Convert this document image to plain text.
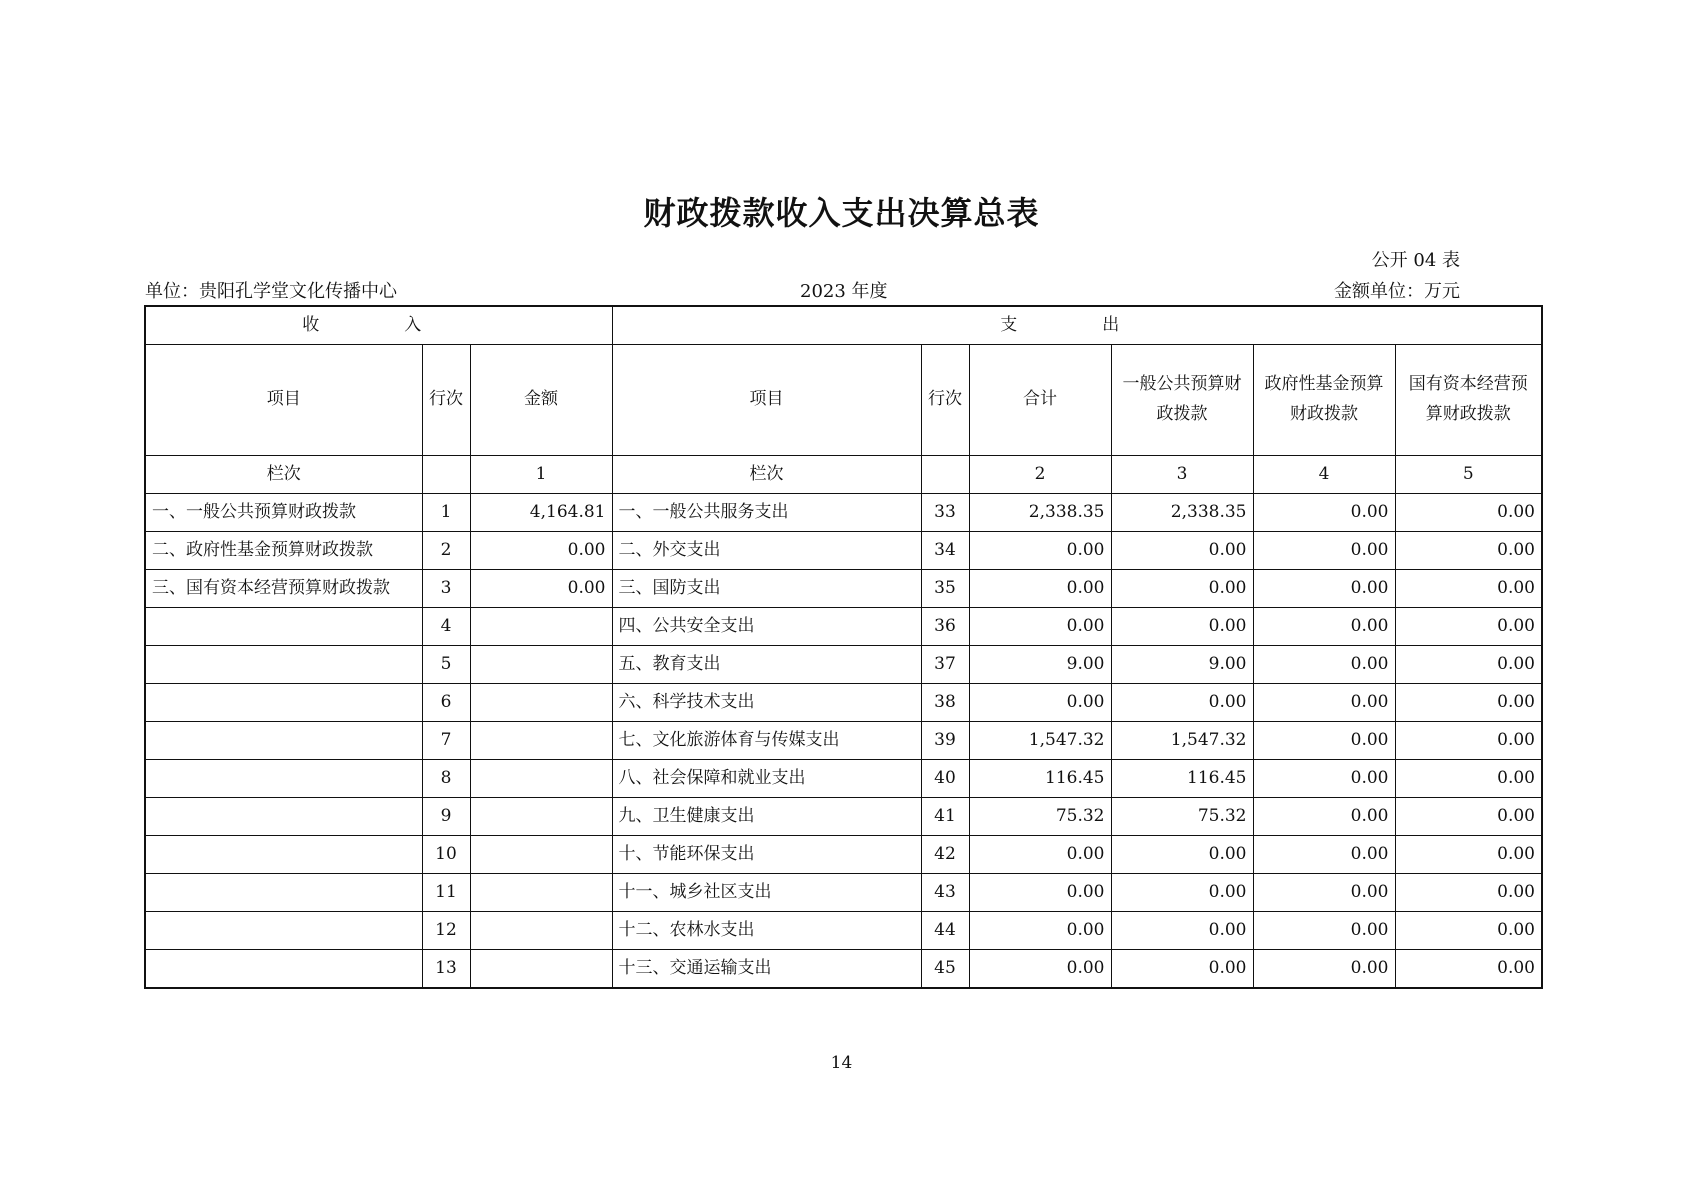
财政拨款收入支出决算总表
公开 04 表
单位：贵阳孔学堂文化传播中心	2023 年度	金额单位：万元
收　入			支　出					
项目	行次	金额	项目	行次	合计	一般公共预算财政拨款	政府性基金预算财政拨款	国有资本经营预算财政拨款
栏次		1	栏次		2	3	4	5
一、一般公共预算财政拨款	1	4,164.81	一、一般公共服务支出	33	2,338.35	2,338.35	0.00	0.00
二、政府性基金预算财政拨款	2	0.00	二、外交支出	34	0.00	0.00	0.00	0.00
三、国有资本经营预算财政拨款	3	0.00	三、国防支出	35	0.00	0.00	0.00	0.00
	4		四、公共安全支出	36	0.00	0.00	0.00	0.00
	5		五、教育支出	37	9.00	9.00	0.00	0.00
	6		六、科学技术支出	38	0.00	0.00	0.00	0.00
	7		七、文化旅游体育与传媒支出	39	1,547.32	1,547.32	0.00	0.00
	8		八、社会保障和就业支出	40	116.45	116.45	0.00	0.00
	9		九、卫生健康支出	41	75.32	75.32	0.00	0.00
	10		十、节能环保支出	42	0.00	0.00	0.00	0.00
	11		十一、城乡社区支出	43	0.00	0.00	0.00	0.00
	12		十二、农林水支出	44	0.00	0.00	0.00	0.00
	13		十三、交通运输支出	45	0.00	0.00	0.00	0.00
14
